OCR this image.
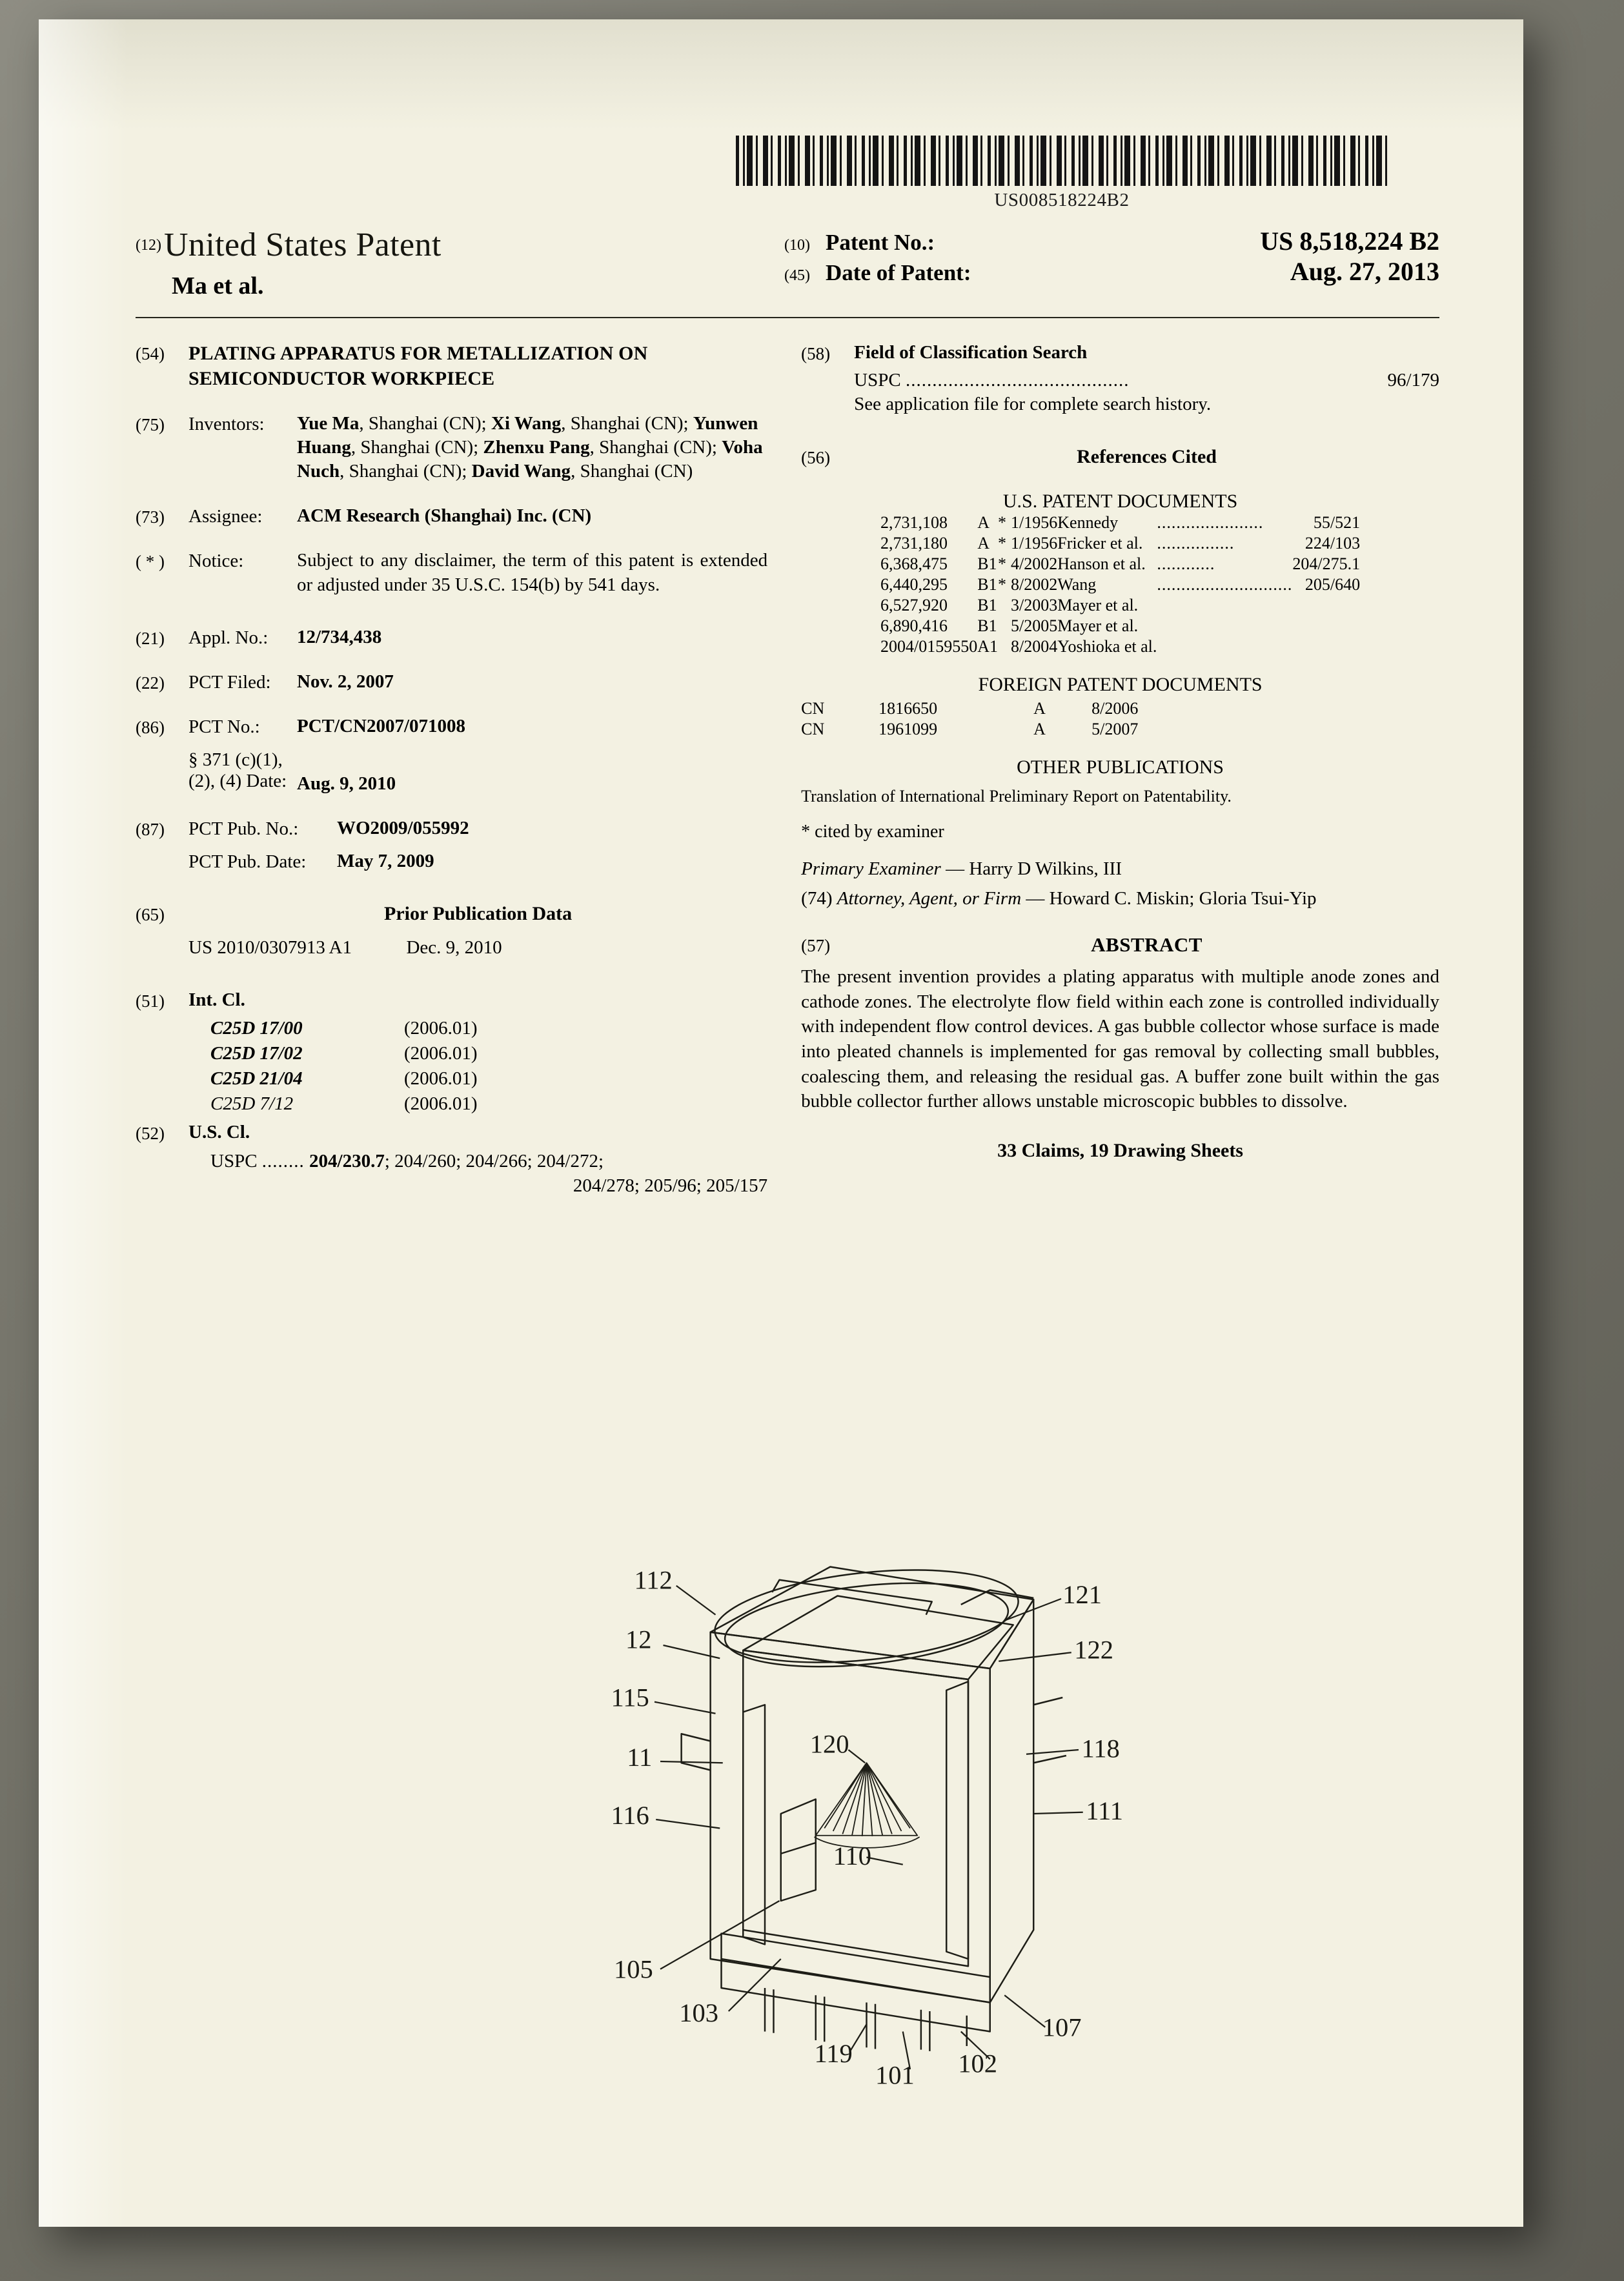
US008518224B2
(12) United States Patent
Ma et al.
(10)	Patent No.:	US 8,518,224 B2
(45)	Date of Patent:	Aug. 27, 2013
(54)	PLATING APPARATUS FOR METALLIZATION ON SEMICONDUCTOR WORKPIECE
(75)	Inventors:	Yue Ma, Shanghai (CN); Xi Wang, Shanghai (CN); Yunwen Huang, Shanghai (CN); Zhenxu Pang, Shanghai (CN); Voha Nuch, Shanghai (CN); David Wang, Shanghai (CN)
(73)	Assignee:	ACM Research (Shanghai) Inc. (CN)
( * )	Notice:	Subject to any disclaimer, the term of this patent is extended or adjusted under 35 U.S.C. 154(b) by 541 days.
(21)	Appl. No.:	12/734,438
(22)	PCT Filed:	Nov. 2, 2007
(86)	PCT No.:	PCT/CN2007/071008
§ 371 (c)(1),
(2), (4) Date: Aug. 9, 2010
(87)	PCT Pub. No.:	WO2009/055992
PCT Pub. Date:	May 7, 2009
(65)	Prior Publication Data
US 2010/0307913 A1	Dec. 9, 2010
(51)	Int. Cl.
C25D 17/00	(2006.01)
C25D 17/02	(2006.01)
C25D 21/04	(2006.01)
C25D 7/12	(2006.01)
(52)	U.S. Cl.
USPC ........ 204/230.7; 204/260; 204/266; 204/272;
204/278; 205/96; 205/157
(58)	Field of Classification Search
USPC ..........................................	96/179
See application file for complete search history.
(56)	References Cited
U.S. PATENT DOCUMENTS
2,731,108	A	*	1/1956	Kennedy	......................	55/521
2,731,180	A	*	1/1956	Fricker et al.	................	224/103
6,368,475	B1	*	4/2002	Hanson et al.	............	204/275.1
6,440,295	B1	*	8/2002	Wang	............................	205/640
6,527,920	B1		3/2003	Mayer et al.		
6,890,416	B1		5/2005	Mayer et al.		
2004/0159550	A1		8/2004	Yoshioka et al.		
FOREIGN PATENT DOCUMENTS
CN	1816650	A	8/2006
CN	1961099	A	5/2007
OTHER PUBLICATIONS
Translation of International Preliminary Report on Patentability.
* cited by examiner
Primary Examiner — Harry D Wilkins, III
(74) Attorney, Agent, or Firm — Howard C. Miskin; Gloria Tsui-Yip
(57)	ABSTRACT
The present invention provides a plating apparatus with multiple anode zones and cathode zones. The electrolyte flow field within each zone is controlled individually with independent flow control devices. A gas bubble collector whose surface is made into pleated channels is implemented for gas removal by collecting small bubbles, coalescing them, and releasing the residual gas. A buffer zone built within the gas bubble collector further allows unstable microscopic bubbles to dissolve.
33 Claims, 19 Drawing Sheets
112
12
115
11
116
105
103
119
101 102
107
110
120
121
122
118
111
